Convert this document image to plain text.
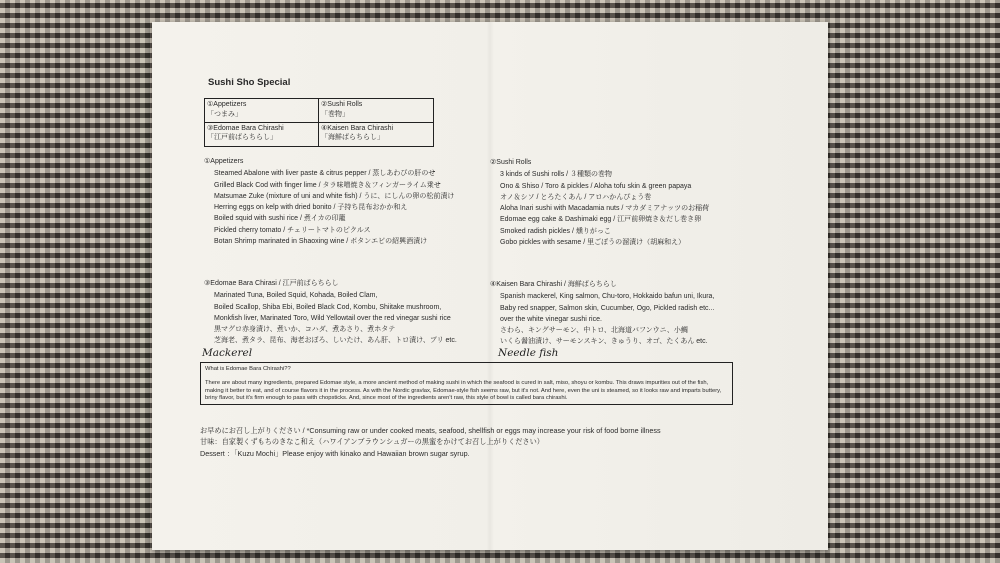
Sushi Sho Special
①Appetizers
「つまみ」
②Sushi Rolls
「巻物」
③Edomae Bara Chirashi
「江戸前ばらちらし」
④Kaisen Bara Chirashi
「海鮮ばらちらし」
①Appetizers
Steamed Abalone with liver paste & citrus pepper / 蒸しあわびの肝のせ
Grilled Black Cod with finger lime / タラ味噌焼き＆フィンガーライム乗せ
Matsumae Zuke (mixture of uni and white fish) / うに、にしんの卵の松前漬け
Herring eggs on kelp with dried bonito / 子持ち昆布おかか和え
Boiled squid with sushi rice / 煮イカの印籠
Pickled cherry tomato / チェリートマトのピクルス
Botan Shrimp marinated in Shaoxing wine / ボタンエビの紹興酒漬け
②Sushi Rolls
3 kinds of Sushi rolls / ３種類の巻物
Ono & Shiso / Toro & pickles / Aloha tofu skin & green papaya
オノ＆シソ / とろたくあん / アロハかんぴょう巻
Aloha Inari sushi with Macadamia nuts / マカダミアナッツのお稲荷
Edomae egg cake & Dashimaki egg / 江戸前卵焼き＆だし巻き卵
Smoked radish pickles / 燻りがっこ
Gobo pickles with sesame / 里ごぼうの溜漬け（胡麻和え）
③Edomae Bara Chirasi / 江戸前ばらちらし
Marinated Tuna, Boiled Squid, Kohada, Boiled Clam,
Boiled Scallop, Shiba Ebi, Boiled Black Cod, Kombu, Shiitake mushroom,
Monkfish liver, Marinated Toro, Wild Yellowtail over the red vinegar sushi rice
黒マグロ赤身漬け、煮いか、コハダ、煮あさり、煮ホタテ
芝海老、煮タラ、昆布、海老おぼろ、しいたけ、あん肝、トロ漬け、ブリ etc.
④Kaisen Bara Chirashi / 海鮮ばらちらし
Spanish mackerel, King salmon, Chu-toro, Hokkaido bafun uni, Ikura,
Baby red snapper, Salmon skin, Cucumber, Ogo, Pickled radish etc...
over the white vinegar sushi rice.
さわら、キングサーモン、中トロ、北海道バフンウニ、小鯛
いくら醤油漬け、サーモンスキン、きゅうり、オゴ、たくあん etc.
Mackerel	Needle fish
What is Edomae Bara Chirashi??
There are about many ingredients, prepared Edomae style, a more ancient method of making sushi in which the seafood is cured in salt, miso, shoyu or kombu. This draws impurities out of the fish, making it better to eat, and of course flavors it in the process. As with the Nordic gravlax, Edomae-style fish seems raw, but it's not. And here, even the uni is steamed, so it looks raw and imparts buttery, briny flavor, but it's firm enough to pass with chopsticks. And, since most of the ingredients aren't raw, this style of bowl is called bara chirashi.
お早めにお召し上がりください / *Consuming raw or under cooked meats, seafood, shellfish or eggs may increase your risk of food borne illness
甘味：自家製くずもちのきなこ和え（ハワイアンブラウンシュガーの黒蜜をかけてお召し上がりください）
Dessert ：「Kuzu Mochi」Please enjoy with kinako and Hawaiian brown sugar syrup.
